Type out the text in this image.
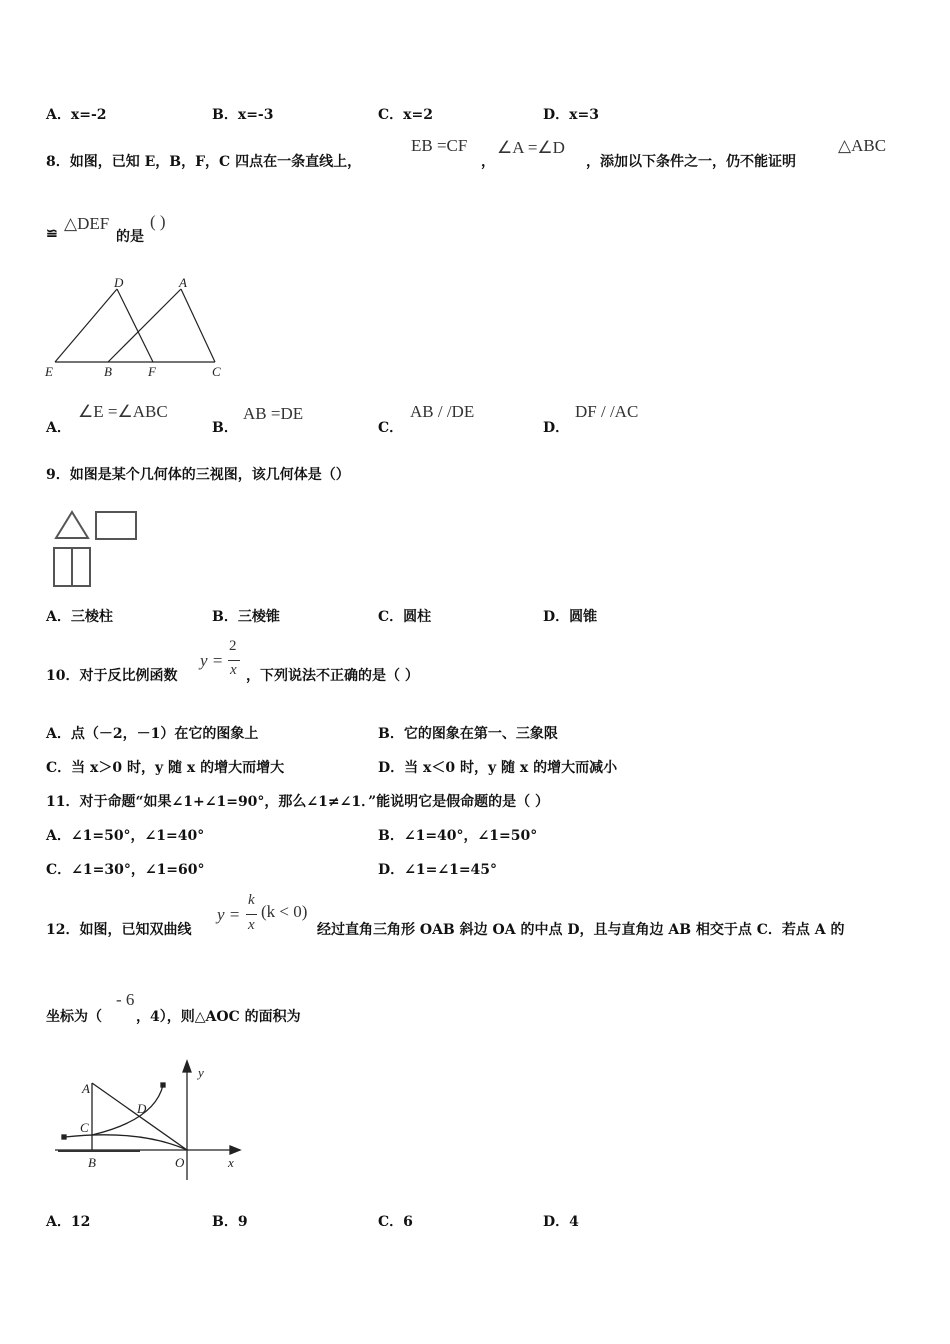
A．x=-2	B．x=-3	C．x=2	D．x=3
8．如图，已知 E，B，F，C 四点在一条直线上，
EB =CF
，
∠A =∠D
，添加以下条件之一，仍不能证明
△ABC
≌
△DEF
的是
( )
D	A
E	B	F	C
A．
∠E =∠ABC
B．
AB =DE
C．
AB / /DE
D．
DF / /AC
9．如图是某个几何体的三视图，该几何体是（）
A．三棱柱	B．三棱锥	C．圆柱	D．圆锥
10．对于反比例函数
y =
2
x ，下列说法不正确的是（ ）
A．点（－2，－1）在它的图象上	B．它的图象在第一、三象限
C．当 x＞0 时，y 随 x 的增大而增大	D．当 x＜0 时，y 随 x 的增大而减小
11．对于命题“如果∠1+∠1=90°，那么∠1≠∠1．”能说明它是假命题的是（ ）
A．∠1=50°，∠1=40°	B．∠1=40°，∠1=50°
C．∠1=30°，∠1=60°	D．∠1=∠1=45°
12．如图，已知双曲线
y =
k
x
(k < 0)
经过直角三角形 OAB 斜边 OA 的中点 D，且与直角边 AB 相交于点 C．若点 A 的
坐标为（
- 6
，4），则△AOC 的面积为
y
A
D
C
B	O	x
A．12	B．9	C．6	D．4
